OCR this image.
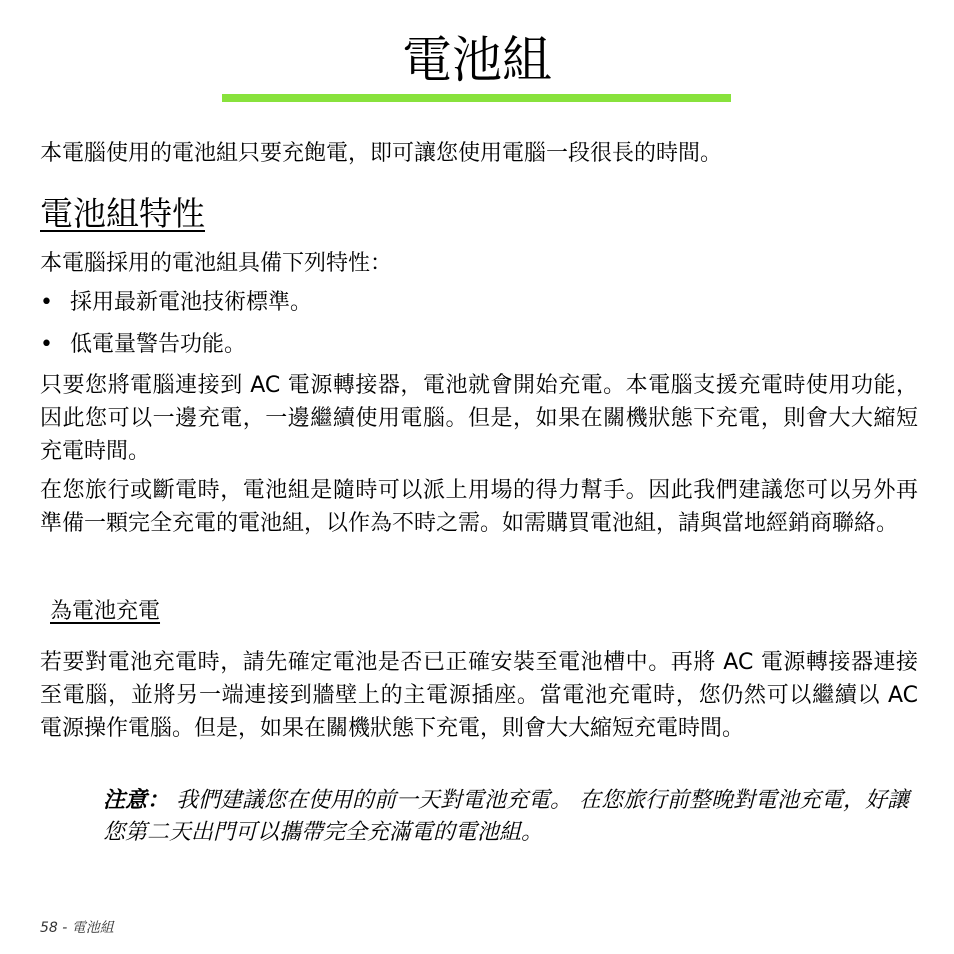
電池組

本電腦使用的電池組只要充飽電，即可讓您使用電腦一段很長的時間。

電池組特性

本電腦採用的電池組具備下列特性：

• 採用最新電池技術標準。
• 低電量警告功能。

只要您將電腦連接到 AC 電源轉接器，電池就會開始充電。本電腦支援充電時使用功能，因此您可以一邊充電，一邊繼續使用電腦。但是，如果在關機狀態下充電，則會大大縮短充電時間。

在您旅行或斷電時，電池組是隨時可以派上用場的得力幫手。因此我們建議您可以另外再準備一顆完全充電的電池組，以作為不時之需。如需購買電池組，請與當地經銷商聯絡。

為電池充電

若要對電池充電時，請先確定電池是否已正確安裝至電池槽中。再將 AC 電源轉接器連接至電腦，並將另一端連接到牆壁上的主電源插座。當電池充電時，您仍然可以繼續以 AC 電源操作電腦。但是，如果在關機狀態下充電，則會大大縮短充電時間。

注意： 我們建議您在使用的前一天對電池充電。 在您旅行前整晚對電池充電，好讓您第二天出門可以攜帶完全充滿電的電池組。

58 - 電池組
